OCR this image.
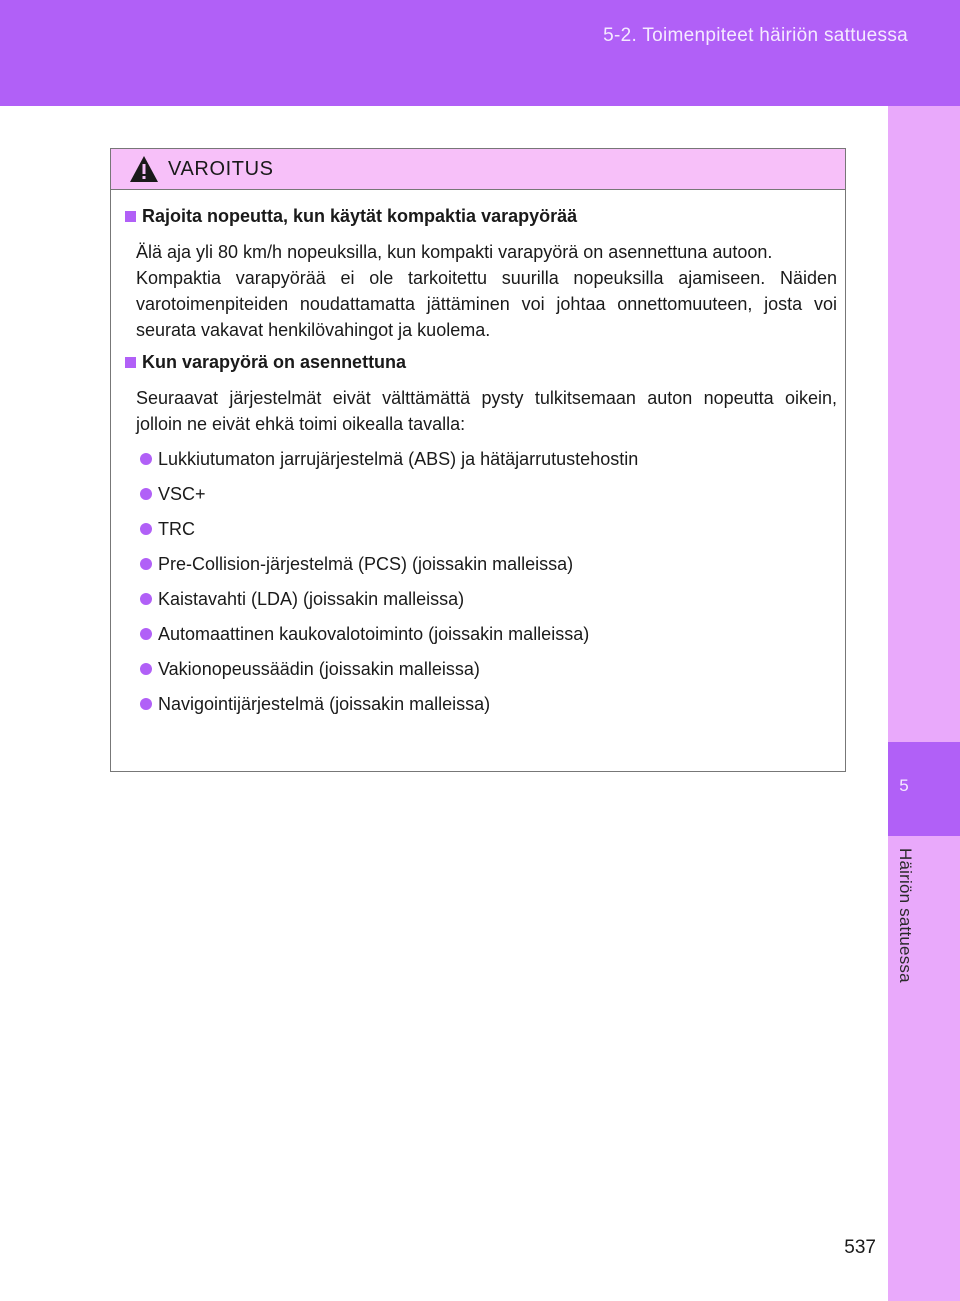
5-2. Toimenpiteet häiriön sattuessa
5
Häiriön sattuessa
VAROITUS
Rajoita nopeutta, kun käytät kompaktia varapyörää
Älä aja yli 80 km/h nopeuksilla, kun kompakti varapyörä on asennettuna autoon.
Kompaktia varapyörää ei ole tarkoitettu suurilla nopeuksilla ajamiseen. Näiden varotoimenpiteiden noudattamatta jättäminen voi johtaa onnettomuuteen, josta voi seurata vakavat henkilövahingot ja kuolema.
Kun varapyörä on asennettuna
Seuraavat järjestelmät eivät välttämättä pysty tulkitsemaan auton nopeutta oikein, jolloin ne eivät ehkä toimi oikealla tavalla:
Lukkiutumaton jarrujärjestelmä (ABS) ja hätäjarrutustehostin
VSC+
TRC
Pre-Collision-järjestelmä (PCS) (joissakin malleissa)
Kaistavahti (LDA) (joissakin malleissa)
Automaattinen kaukovalotoiminto (joissakin malleissa)
Vakionopeussäädin (joissakin malleissa)
Navigointijärjestelmä (joissakin malleissa)
537
